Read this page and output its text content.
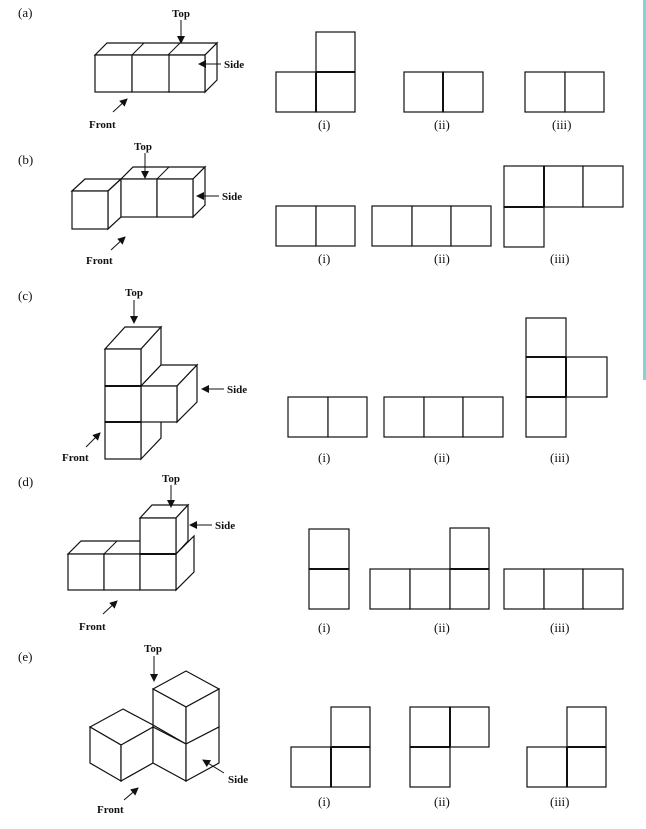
(a)	Top
Side
Front	(i)	(ii)	(iii)
(b)
Top
Side
Front	(i)	(ii)	(iii)
(c)	Top
Side
Front	(i)	(ii)	(iii)
(d)	Top
Side
Front	(i)	(ii)	(iii)
(e)	Top
Side
Front
(i)	(ii)	(iii)
